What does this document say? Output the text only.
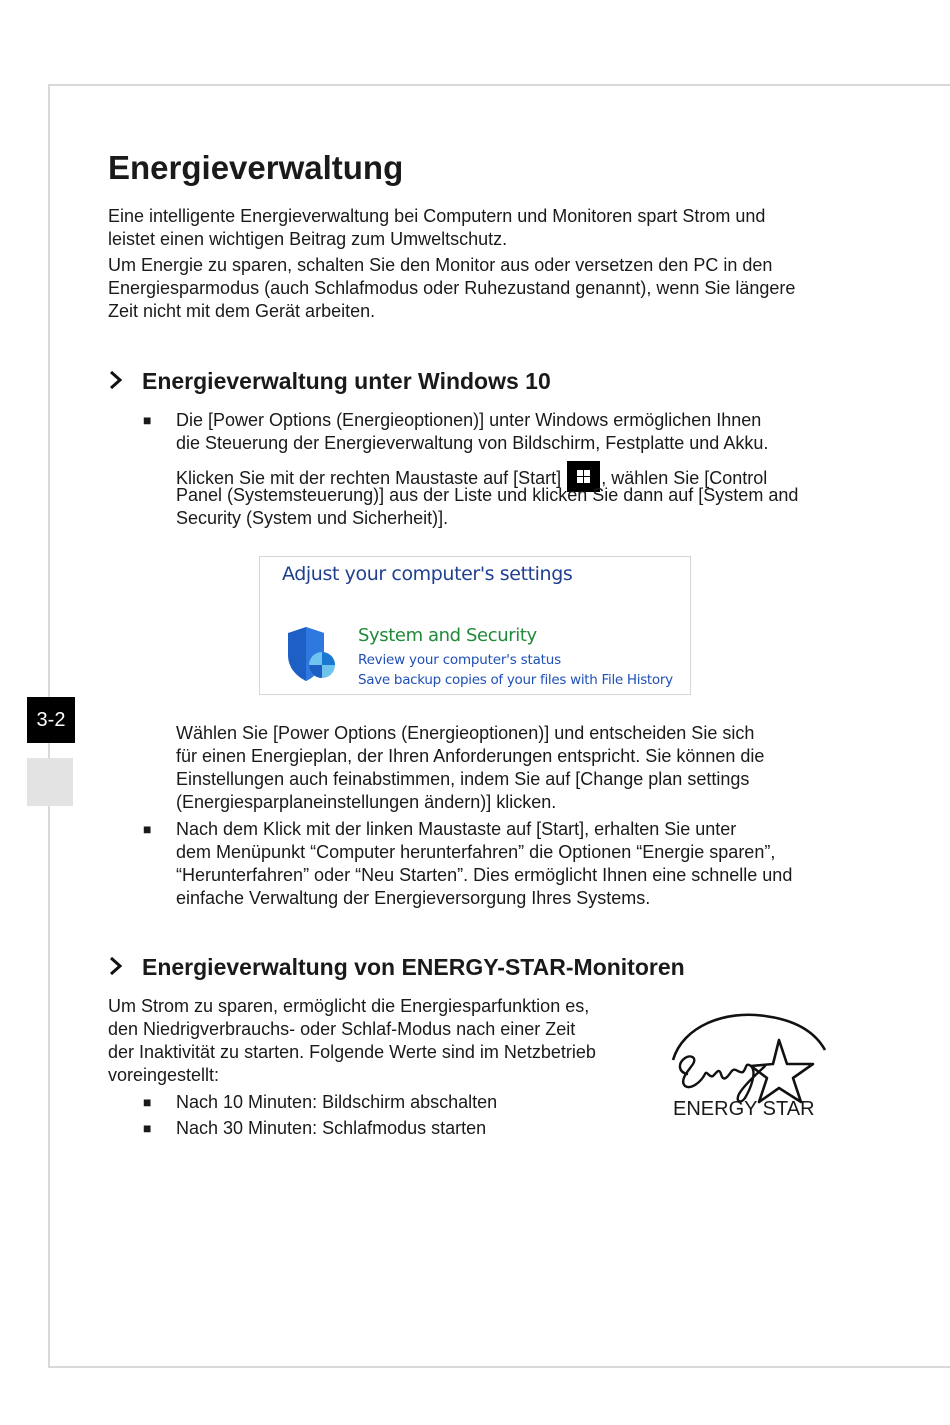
3-2
Energieverwaltung

Eine intelligente Energieverwaltung bei Computern und Monitoren spart Strom und

leistet einen wichtigen Beitrag zum Umweltschutz.

Um Energie zu sparen, schalten Sie den Monitor aus oder versetzen den PC in den

Energiesparmodus (auch Schlafmodus oder Ruhezustand genannt), wenn Sie längere

Zeit nicht mit dem Gerät arbeiten.

Energieverwaltung unter Windows 10
■ Die [Power Options (Energieoptionen)] unter Windows ermöglichen Ihnen

die Steuerung der Energieverwaltung von Bildschirm, Festplatte und Akku.

Klicken Sie mit der rechten Maustaste auf [Start] , wählen Sie [Control

Panel (Systemsteuerung)] aus der Liste und klicken Sie dann auf [System and

Security (System und Sicherheit)].

Adjust your computer's settings
System and Security
Review your computer's status
Save backup copies of your files with File History

Wählen Sie [Power Options (Energieoptionen)] und entscheiden Sie sich

für einen Energieplan, der Ihren Anforderungen entspricht. Sie können die

Einstellungen auch feinabstimmen, indem Sie auf [Change plan settings

(Energiesparplaneinstellungen ändern)] klicken.

■ Nach dem Klick mit der linken Maustaste auf [Start], erhalten Sie unter

dem Menüpunkt “Computer herunterfahren” die Optionen “Energie sparen”,

“Herunterfahren” oder “Neu Starten”. Dies ermöglicht Ihnen eine schnelle und

einfache Verwaltung der Energieversorgung Ihres Systems.

Energieverwaltung von ENERGY-STAR-Monitoren

Um Strom zu sparen, ermöglicht die Energiesparfunktion es,

den Niedrigverbrauchs- oder Schlaf-Modus nach einer Zeit

der Inaktivität zu starten. Folgende Werte sind im Netzbetrieb

voreingestellt:

■ Nach 10 Minuten: Bildschirm abschalten

■ Nach 30 Minuten: Schlafmodus starten

ENERGY STAR
